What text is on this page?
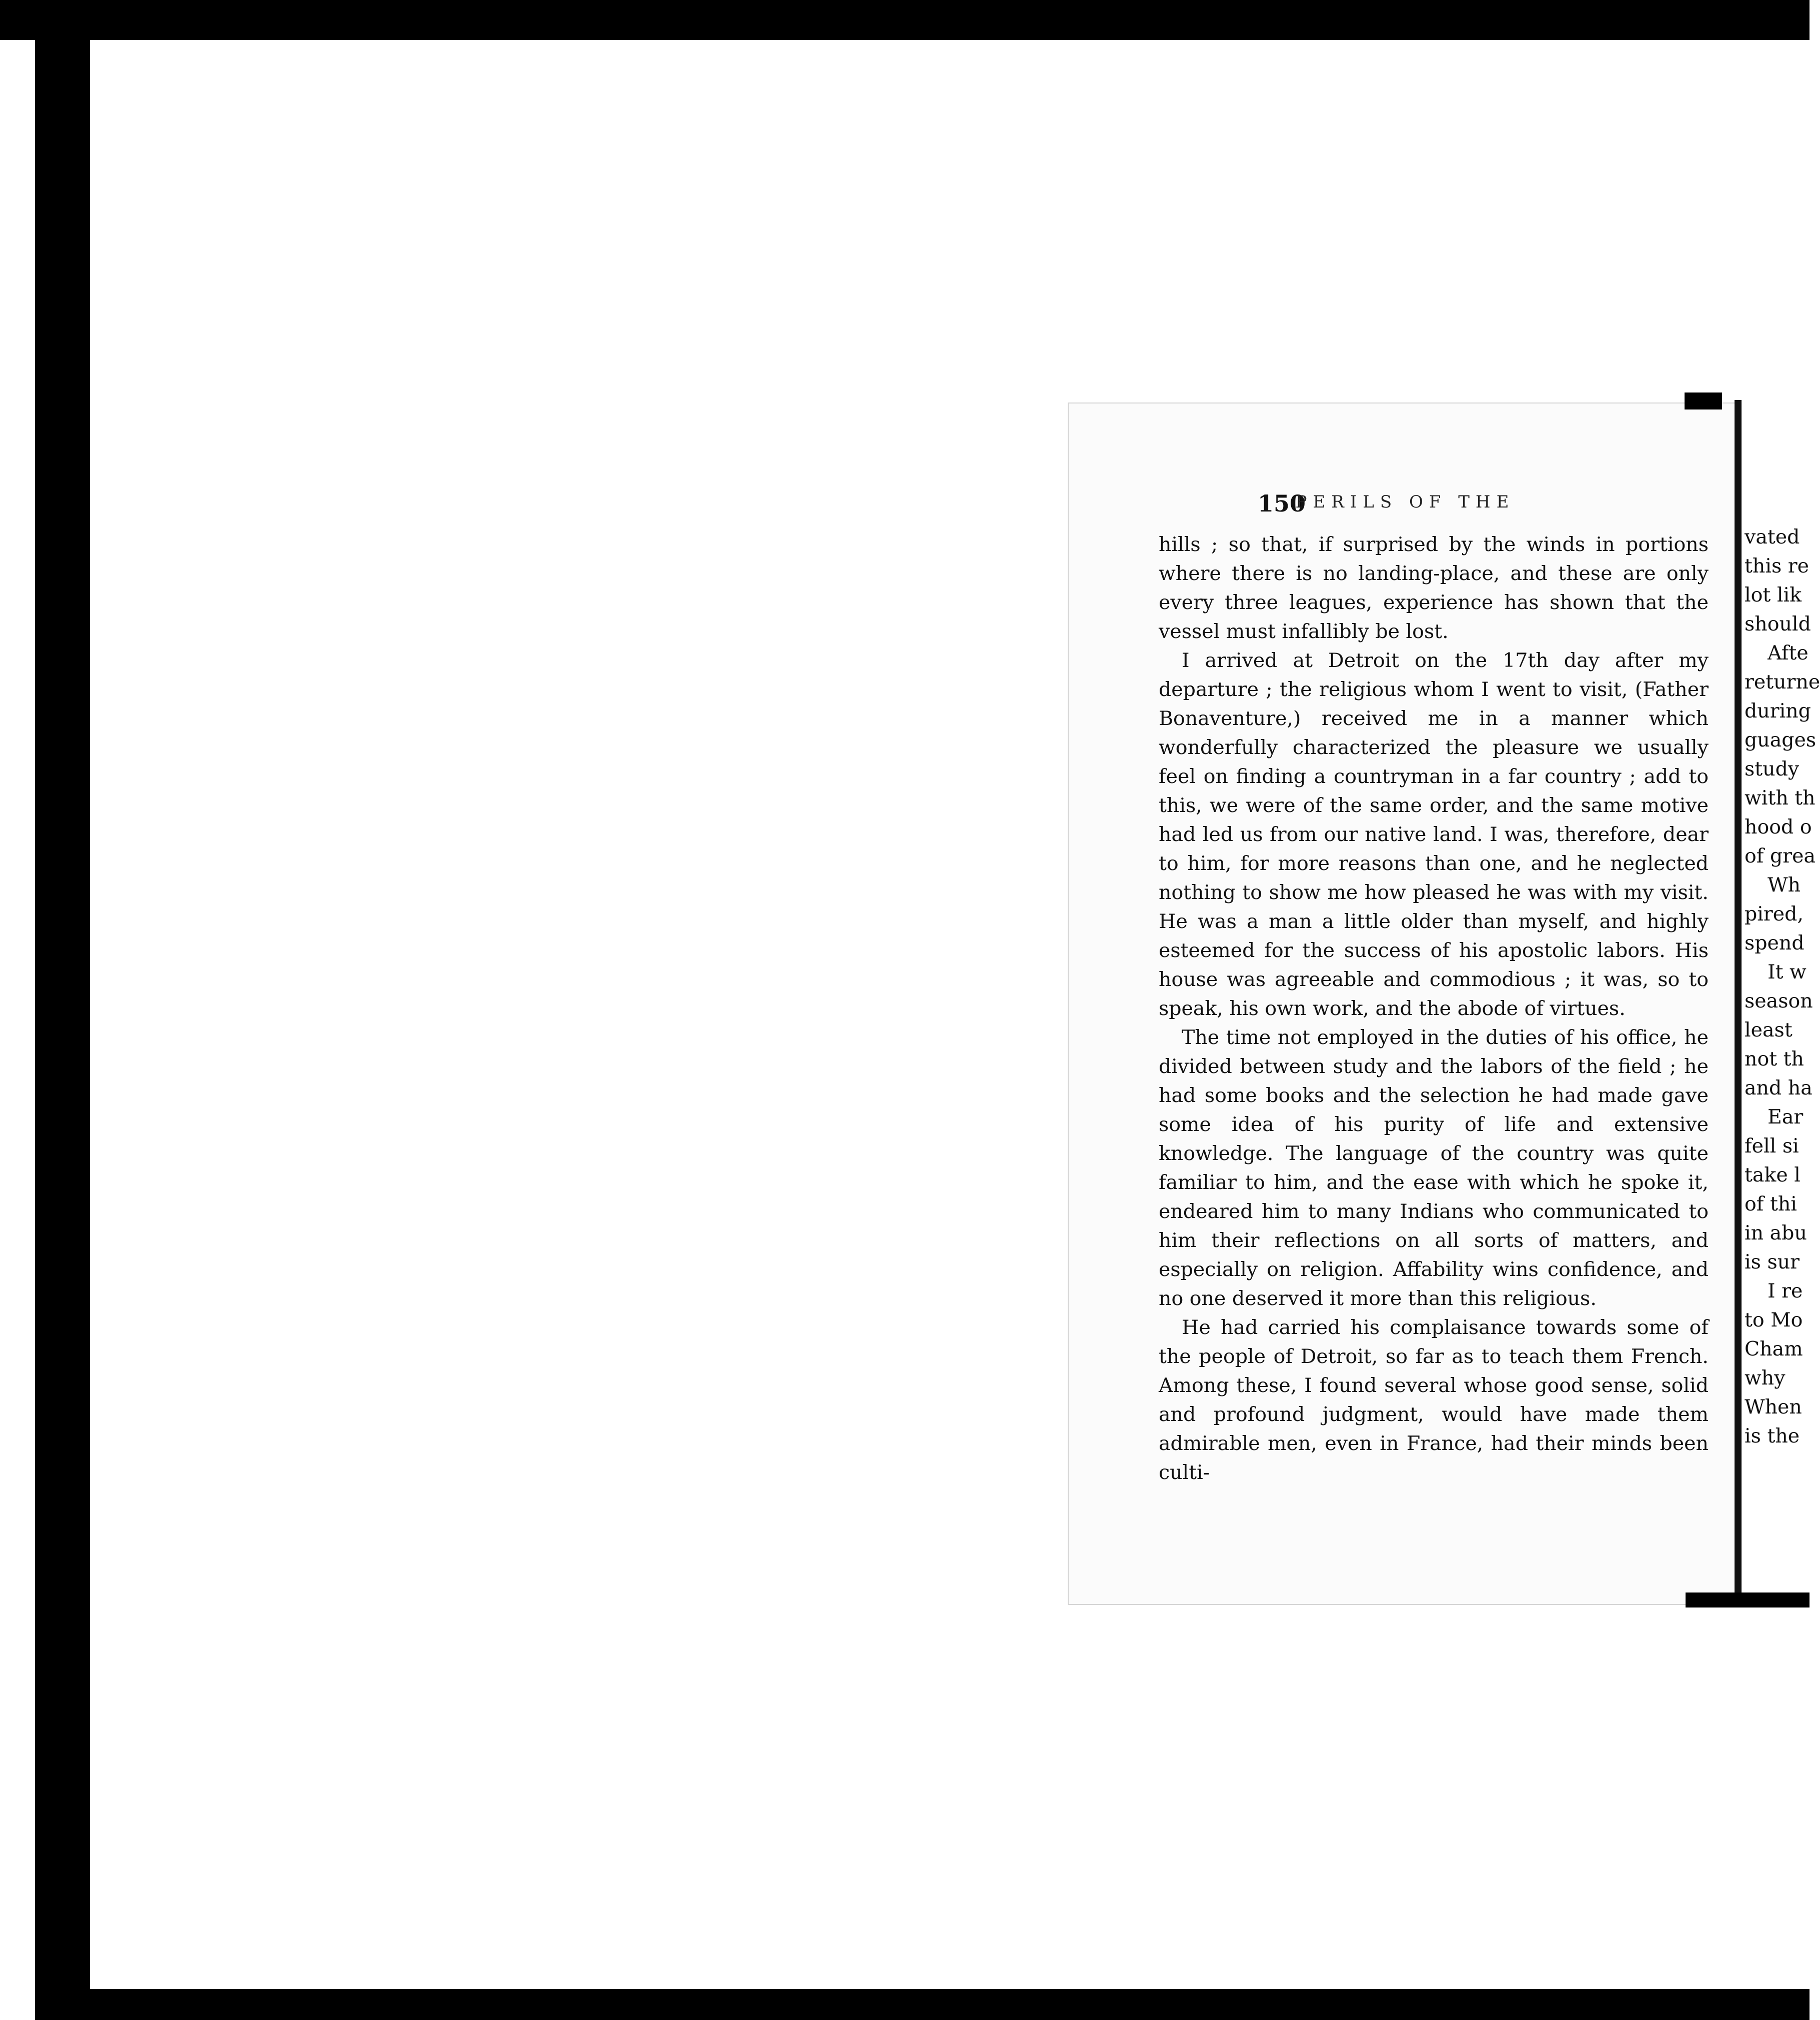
150
PERILS OF THE

hills ; so that, if surprised by the winds in portions where there is no landing-place, and these are only every three leagues, experience has shown that the vessel must infallibly be lost.

I arrived at Detroit on the 17th day after my departure ; the religious whom I went to visit, (Father Bonaventure,) received me in a manner which wonderfully characterized the pleasure we usually feel on finding a countryman in a far country ; add to this, we were of the same order, and the same motive had led us from our native land. I was, therefore, dear to him, for more reasons than one, and he neglected nothing to show me how pleased he was with my visit. He was a man a little older than myself, and highly esteemed for the success of his apostolic labors. His house was agreeable and commodious ; it was, so to speak, his own work, and the abode of virtues.

The time not employed in the duties of his office, he divided between study and the labors of the field ; he had some books and the selection he had made gave some idea of his purity of life and extensive knowledge. The language of the country was quite familiar to him, and the ease with which he spoke it, endeared him to many Indians who communicated to him their reflections on all sorts of matters, and especially on religion. Affability wins confidence, and no one deserved it more than this religious.

He had carried his complaisance towards some of the people of Detroit, so far as to teach them French. Among these, I found several whose good sense, solid and profound judgment, would have made them admirable men, even in France, had their minds been culti-

vated
this re
lot lik
should
Afte
returne
during
guages
study
with th
hood o
of grea
Wh
pired,
spend
It w
season
least
not th
and ha
Ear
fell si
take l
of thi
in abu
is sur
I re
to Mo
Cham
why
When
is the
